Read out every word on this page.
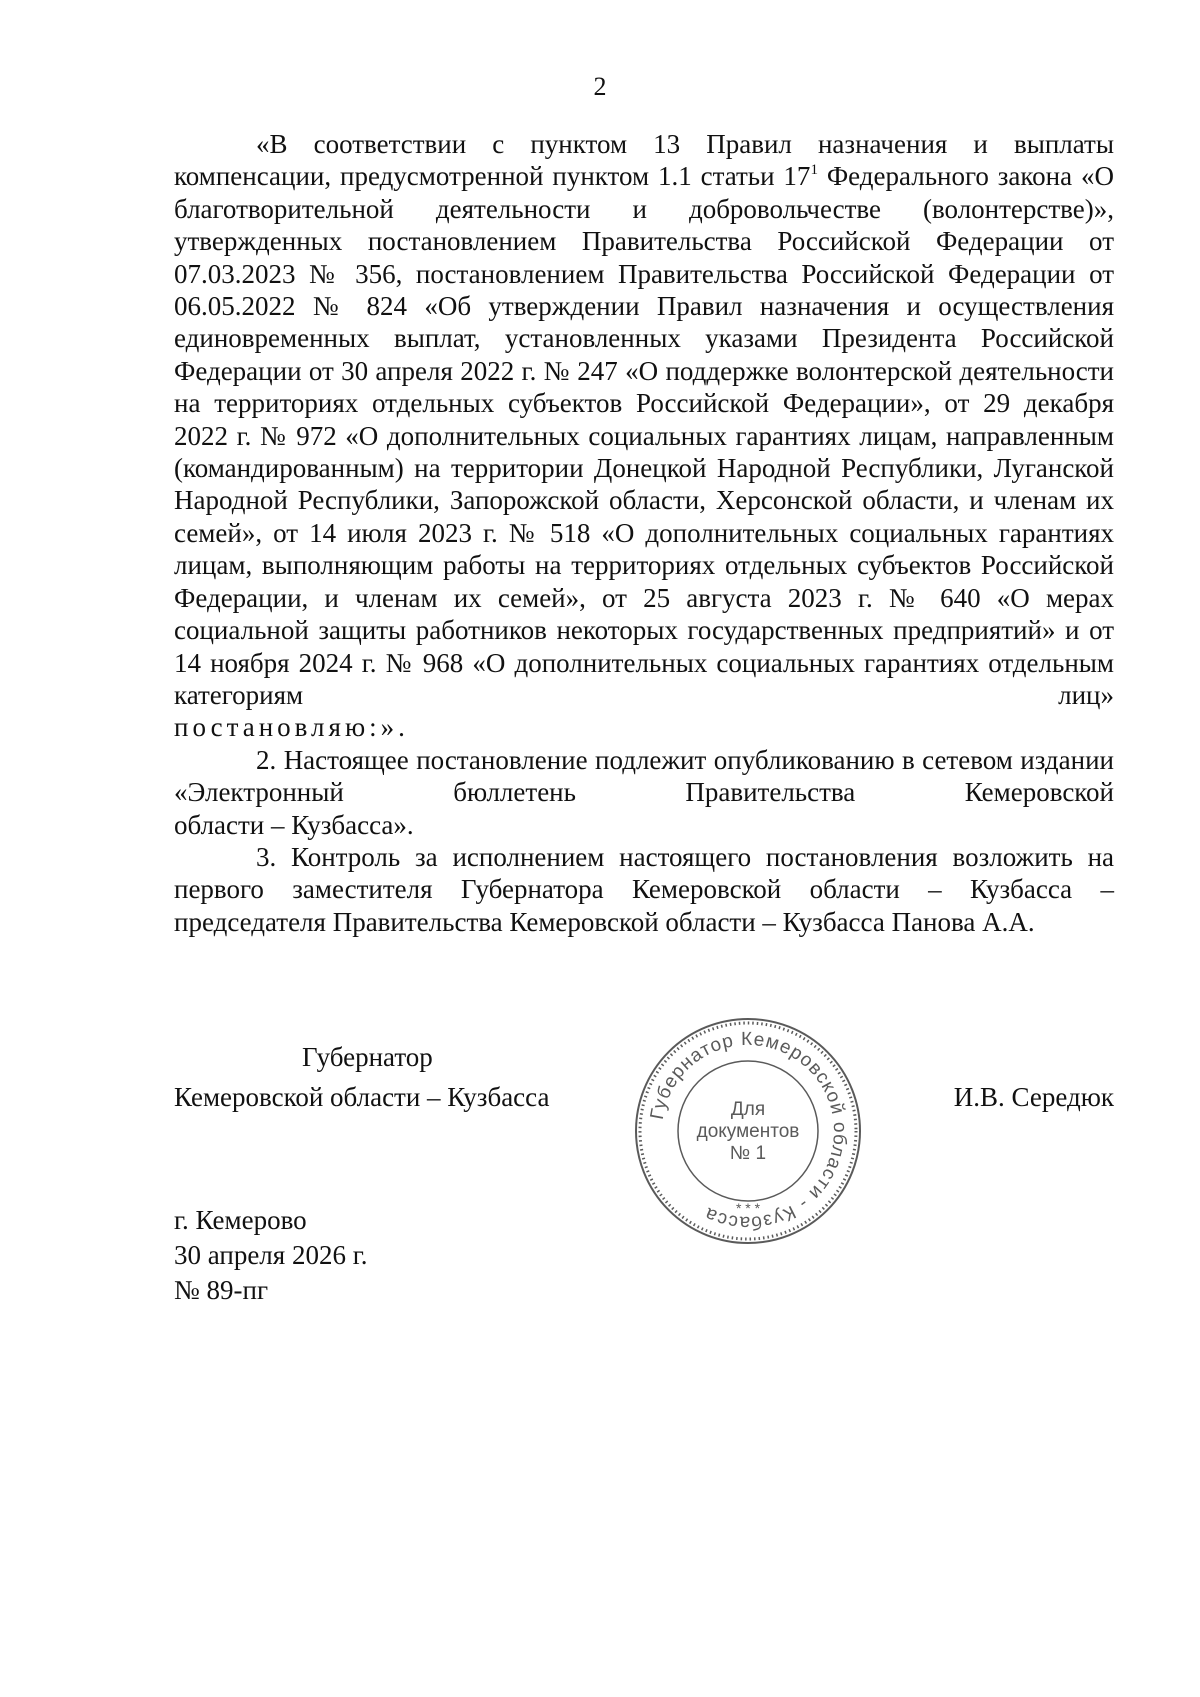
2

«В соответствии с пунктом 13 Правил назначения и выплаты компенсации, предусмотренной пунктом 1.1 статьи $17^1$ Федерального закона «О благотворительной деятельности и добровольчестве (волонтерстве)», утвержденных постановлением Правительства Российской Федерации от 07.03.2023 № 356, постановлением Правительства Российской Федерации от 06.05.2022 № 824 «Об утверждении Правил назначения и осуществления единовременных выплат, установленных указами Президента Российской Федерации от 30 апреля 2022 г. № 247 «О поддержке волонтерской деятельности на территориях отдельных субъектов Российской Федерации», от 29 декабря 2022 г. № 972 «О дополнительных социальных гарантиях лицам, направленным (командированным) на территории Донецкой Народной Республики, Луганской Народной Республики, Запорожской области, Херсонской области, и членам их семей», от 14 июля 2023 г. № 518 «О дополнительных социальных гарантиях лицам, выполняющим работы на территориях отдельных субъектов Российской Федерации, и членам их семей», от 25 августа 2023 г. № 640 «О мерах социальной защиты работников некоторых государственных предприятий» и от 14 ноября 2024 г. № 968 «О дополнительных социальных гарантиях отдельным категориям лиц»

постановляю:».

2. Настоящее постановление подлежит опубликованию в сетевом издании «Электронный бюллетень Правительства Кемеровской

области – Кузбасса».

3. Контроль за исполнением настоящего постановления возложить на первого заместителя Губернатора Кемеровской области – Кузбасса –

председателя Правительства Кемеровской области – Кузбасса Панова А.А.

Губернатор
Кемеровской области – Кузбасса	И.В. Середюк
Губернатор Кемеровской области - Кузбасса
Для
документов
№ 1
* * *
г. Кемерово
30 апреля 2026 г.
№ 89-пг
